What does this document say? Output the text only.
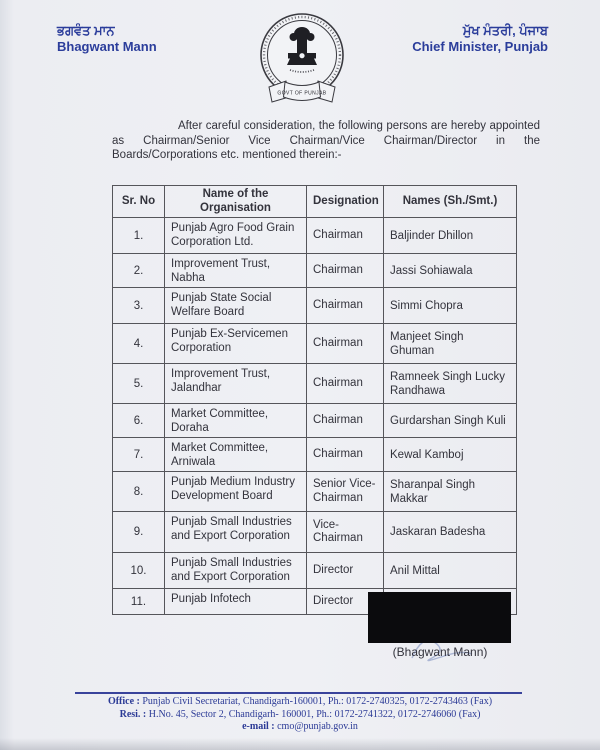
ਭਗਵੰਤ ਮਾਨ
Bhagwant Mann
GOVT OF PUNJAB
ਮੁੱਖ ਮੰਤਰੀ, ਪੰਜਾਬ
Chief Minister, Punjab

After careful consideration, the following persons are hereby appointed as Chairman/Senior Vice Chairman/Vice Chairman/Director in the Boards/Corporations etc. mentioned therein:-

Sr. No	Name of the Organisation	Designation	Names (Sh./Smt.)
1.	Punjab Agro Food Grain Corporation Ltd.	Chairman	Baljinder Dhillon
2.	Improvement Trust, Nabha	Chairman	Jassi Sohiawala
3.	Punjab State Social Welfare Board	Chairman	Simmi Chopra
4.	Punjab Ex-Servicemen Corporation	Chairman	Manjeet Singh Ghuman
5.	Improvement Trust, Jalandhar	Chairman	Ramneek Singh Lucky Randhawa
6.	Market Committee, Doraha	Chairman	Gurdarshan Singh Kuli
7.	Market Committee, Arniwala	Chairman	Kewal Kamboj
8.	Punjab Medium Industry Development Board	Senior Vice-Chairman	Sharanpal Singh Makkar
9.	Punjab Small Industries and Export Corporation	Vice-Chairman	Jaskaran Badesha
10.	Punjab Small Industries and Export Corporation	Director	Anil Mittal
11.	Punjab Infotech	Director	
(Bhagwant Mann)
Office : Punjab Civil Secretariat, Chandigarh-160001, Ph.: 0172-2740325, 0172-2743463 (Fax)
Resi. : H.No. 45, Sector 2, Chandigarh- 160001, Ph.: 0172-2741322, 0172-2746060 (Fax)
e-mail : cmo@punjab.gov.in
